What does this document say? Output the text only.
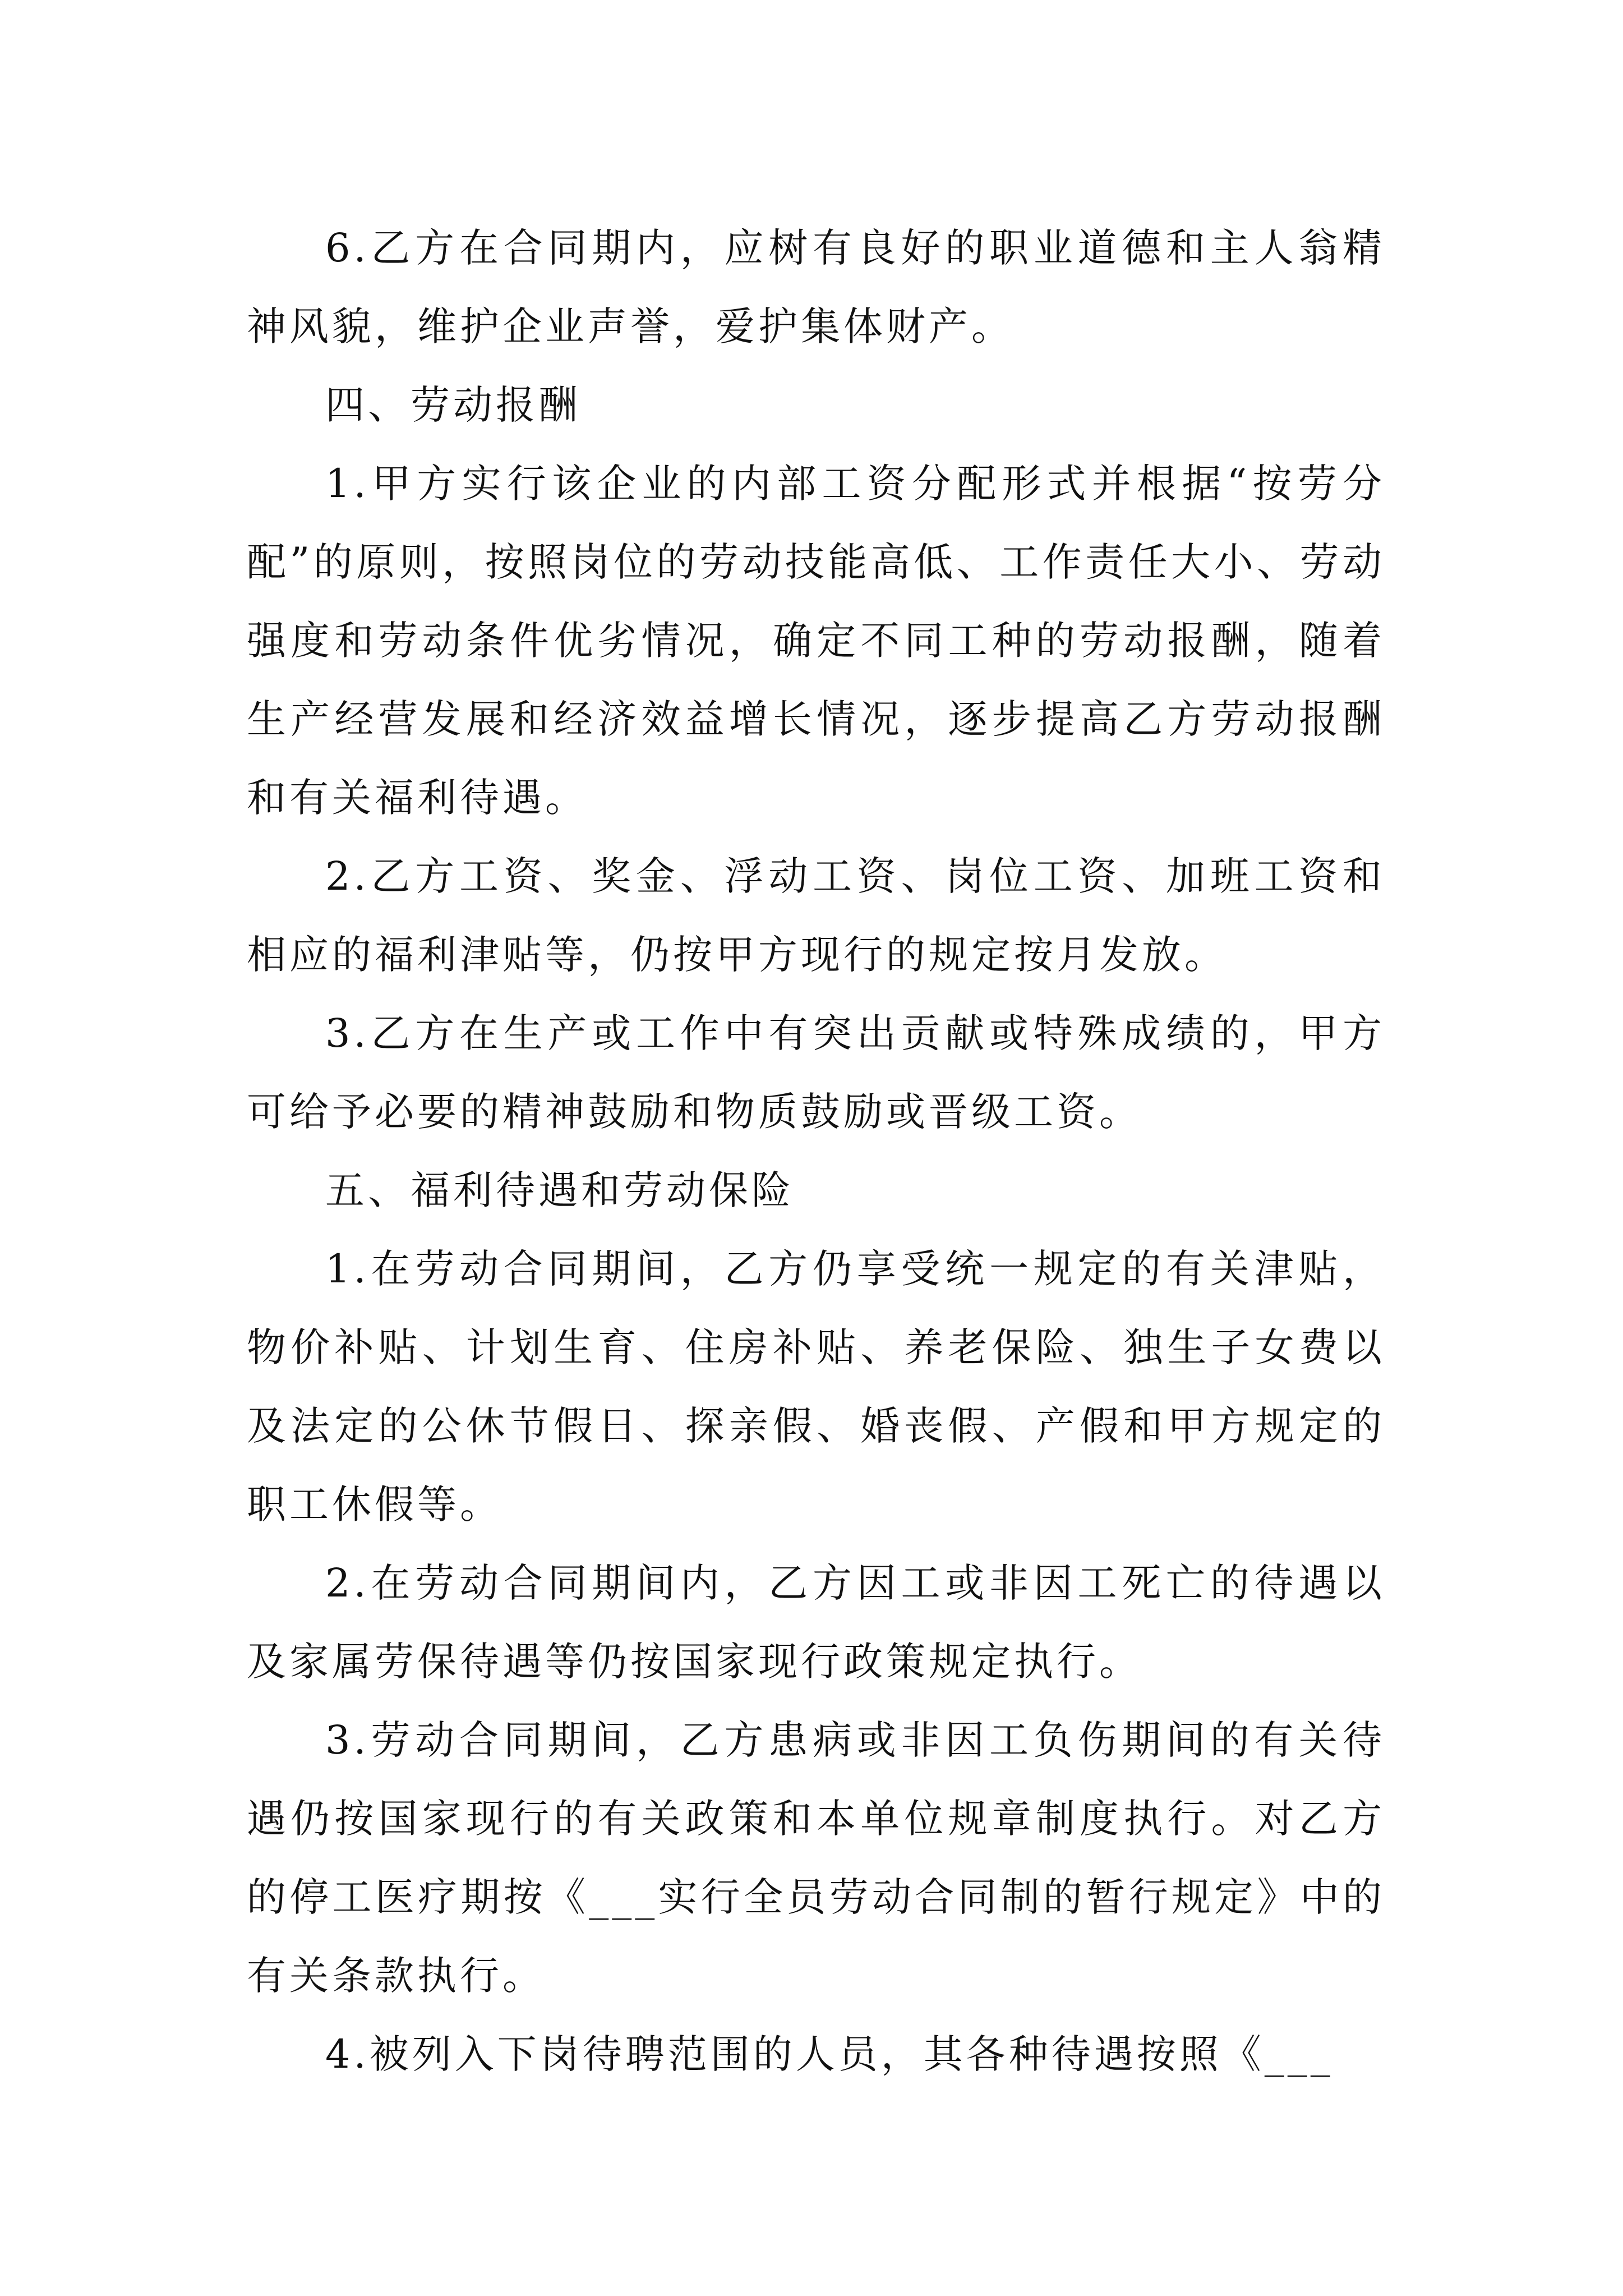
6.乙方在合同期内，应树有良好的职业道德和主人翁精神风貌，维护企业声誉，爱护集体财产。

四、劳动报酬

1.甲方实行该企业的内部工资分配形式并根据“按劳分配”的原则，按照岗位的劳动技能高低、工作责任大小、劳动强度和劳动条件优劣情况，确定不同工种的劳动报酬，随着生产经营发展和经济效益增长情况，逐步提高乙方劳动报酬和有关福利待遇。

2.乙方工资、奖金、浮动工资、岗位工资、加班工资和相应的福利津贴等，仍按甲方现行的规定按月发放。

3.乙方在生产或工作中有突出贡献或特殊成绩的，甲方可给予必要的精神鼓励和物质鼓励或晋级工资。

五、福利待遇和劳动保险

1.在劳动合同期间，乙方仍享受统一规定的有关津贴，物价补贴、计划生育、住房补贴、养老保险、独生子女费以及法定的公休节假日、探亲假、婚丧假、产假和甲方规定的职工休假等。

2.在劳动合同期间内，乙方因工或非因工死亡的待遇以及家属劳保待遇等仍按国家现行政策规定执行。

3.劳动合同期间，乙方患病或非因工负伤期间的有关待遇仍按国家现行的有关政策和本单位规章制度执行。对乙方的停工医疗期按《___实行全员劳动合同制的暂行规定》中的有关条款执行。

4.被列入下岗待聘范围的人员，其各种待遇按照《___
